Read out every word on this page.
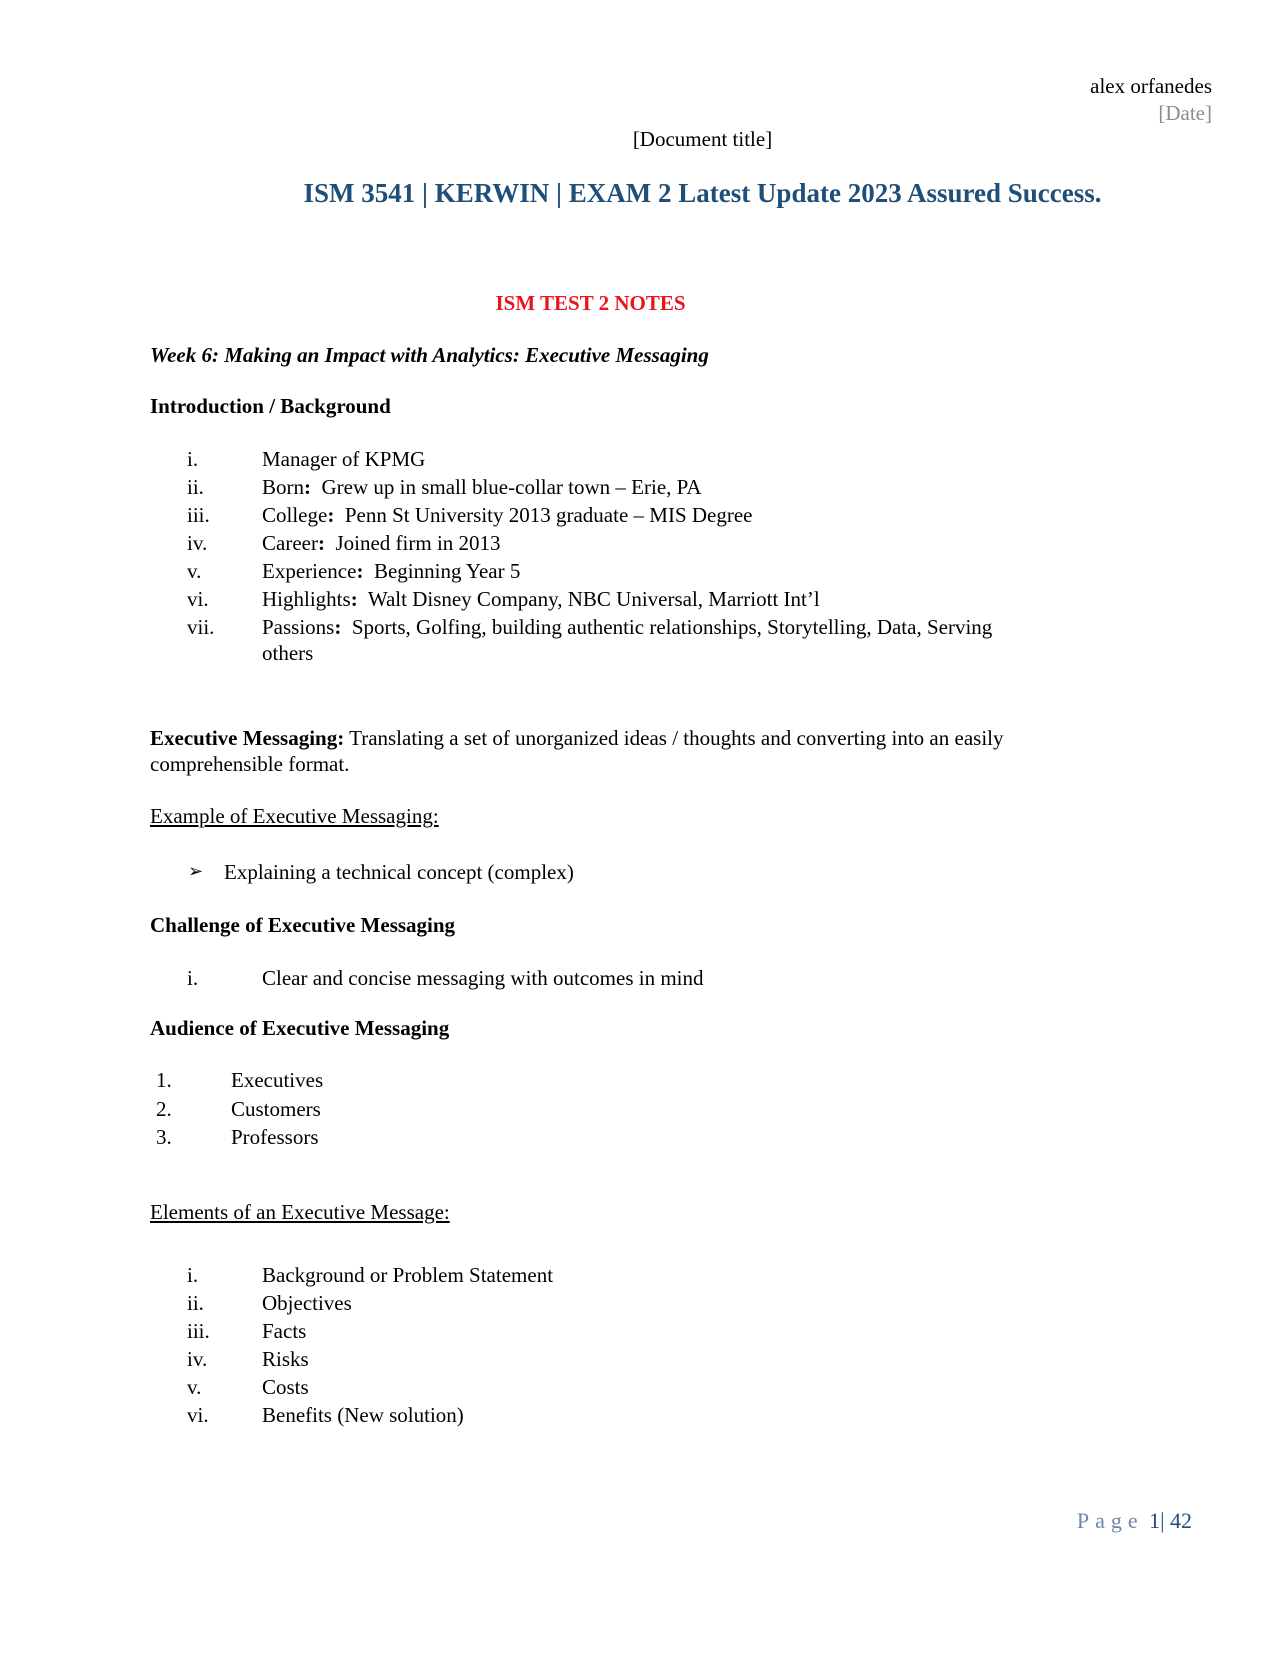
alex orfanedes
[Date]
[Document title]
ISM 3541 | KERWIN | EXAM 2 Latest Update 2023 Assured Success.
ISM TEST 2 NOTES
Week 6: Making an Impact with Analytics: Executive Messaging
Introduction / Background
i.	Manager of KPMG
ii.	Born: Grew up in small blue-collar town – Erie, PA
iii. College: Penn St University 2013 graduate – MIS Degree
iv.	Career: Joined firm in 2013
v.	Experience: Beginning Year 5
vi.	Highlights: Walt Disney Company, NBC Universal, Marriott Int’l
vii. Passions: Sports, Golfing, building authentic relationships, Storytelling, Data, Serving others
Executive Messaging: Translating a set of unorganized ideas / thoughts and converting into an easily comprehensible format.
Example of Executive Messaging:
➢ Explaining a technical concept (complex)
Challenge of Executive Messaging
i.	Clear and concise messaging with outcomes in mind
Audience of Executive Messaging
1.	Executives
2.	Customers
3.	Professors
Elements of an Executive Message:
i.	Background or Problem Statement
ii.	Objectives
iii. Facts
iv.	Risks
v.	Costs
vi.	Benefits (New solution)
Page 1| 42
